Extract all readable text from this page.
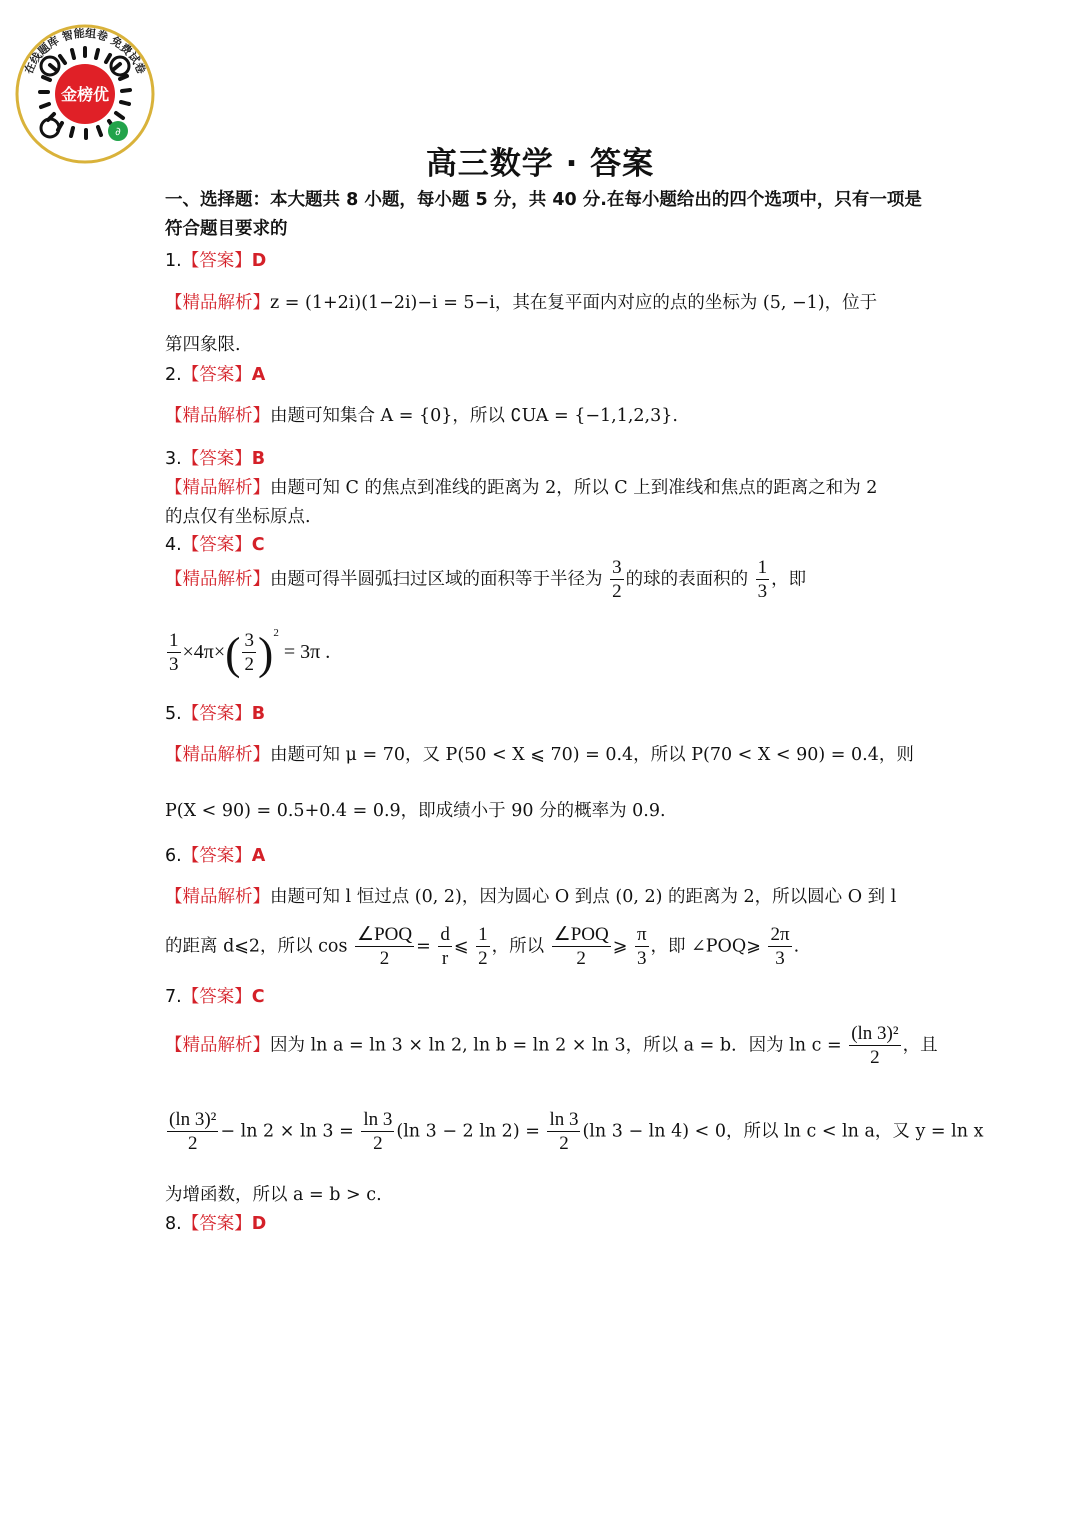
∂
在线题库 智能组卷 免费试卷
金榜优
高三数学 · 答案
一、选择题：本大题共 8 小题，每小题 5 分，共 40 分.在每小题给出的四个选项中，只有一项是符合题目要求的
1.【答案】D
【精品解析】z = (1+2i)(1−2i)−i = 5−i，其在复平面内对应的点的坐标为 (5, −1)，位于
第四象限.
2.【答案】A
【精品解析】由题可知集合 A = {0}，所以 ∁UA = {−1,1,2,3}.
3.【答案】B
【精品解析】由题可知 C 的焦点到准线的距离为 2，所以 C 上到准线和焦点的距离之和为 2
的点仅有坐标原点.
4.【答案】C
【精品解析】由题可得半圆弧扫过区域的面积等于半径为 $\frac{3}{2}$ 的球的表面积的 $\frac{1}{3}$ ，即
$\frac{1}{3} \times 4\pi\times( \frac{3}{2} )^2 = 3\pi$ .
5.【答案】B
【精品解析】由题可知 μ = 70，又 P(50 < X ⩽ 70) = 0.4，所以 P(70 < X < 90) = 0.4，则
P(X < 90) = 0.5+0.4 = 0.9，即成绩小于 90 分的概率为 0.9.
6.【答案】A
【精品解析】由题可知 l 恒过点 (0, 2)，因为圆心 O 到点 (0, 2) 的距离为 2，所以圆心 O 到 l
的距离 d⩽2，所以 $\cos \frac{\text{∠POQ}}{2} = \frac{d}{r}$ ⩽ $\frac{1}{2}$ ，所以 $\frac{\text{∠POQ}}{2}$ ⩾ $\frac{\pi}{3}$ ，即 ∠POQ⩾ $\frac{2\pi}{3}$ .
7.【答案】C
【精品解析】因为 ln a = ln 3 × ln 2, ln b = ln 2 × ln 3，所以 a = b．因为 $\ln c = \frac{\text{(ln 3)²}}{2}$ ，且
$\frac{\text{(ln 3)²}}{2} - \ln 2 \times \ln 3 = \frac{\ln 3}{2} (\ln$ 3 − 2 $\ln 2) = \frac{\ln 3}{2} (\ln$ 3 − ln 4) < 0，所以 ln c < ln a，又 y = ln x
为增函数，所以 a = b > c.
8.【答案】D
